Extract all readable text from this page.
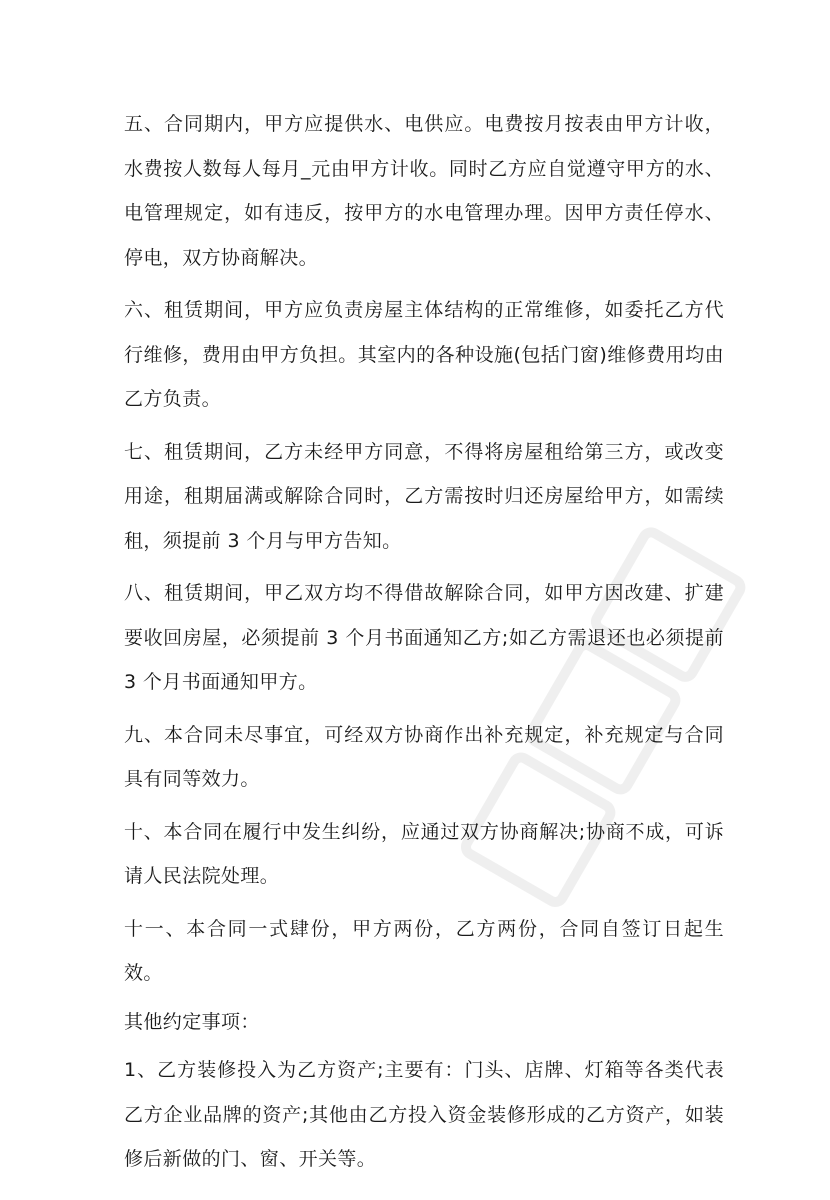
五、合同期内，甲方应提供水、电供应。电费按月按表由甲方计收，水费按人数每人每月_元由甲方计收。同时乙方应自觉遵守甲方的水、电管理规定，如有违反，按甲方的水电管理办理。因甲方责任停水、停电，双方协商解决。

六、租赁期间，甲方应负责房屋主体结构的正常维修，如委托乙方代行维修，费用由甲方负担。其室内的各种设施(包括门窗)维修费用均由乙方负责。

七、租赁期间，乙方未经甲方同意，不得将房屋租给第三方，或改变用途，租期届满或解除合同时，乙方需按时归还房屋给甲方，如需续租，须提前 3 个月与甲方告知。

八、租赁期间，甲乙双方均不得借故解除合同，如甲方因改建、扩建要收回房屋，必须提前 3 个月书面通知乙方;如乙方需退还也必须提前 3 个月书面通知甲方。

九、本合同未尽事宜，可经双方协商作出补充规定，补充规定与合同具有同等效力。

十、本合同在履行中发生纠纷，应通过双方协商解决;协商不成，可诉请人民法院处理。

十一、本合同一式肆份，甲方两份，乙方两份，合同自签订日起生效。

其他约定事项：

1、乙方装修投入为乙方资产;主要有：门头、店牌、灯箱等各类代表乙方企业品牌的资产;其他由乙方投入资金装修形成的乙方资产，如装修后新做的门、窗、开关等。
